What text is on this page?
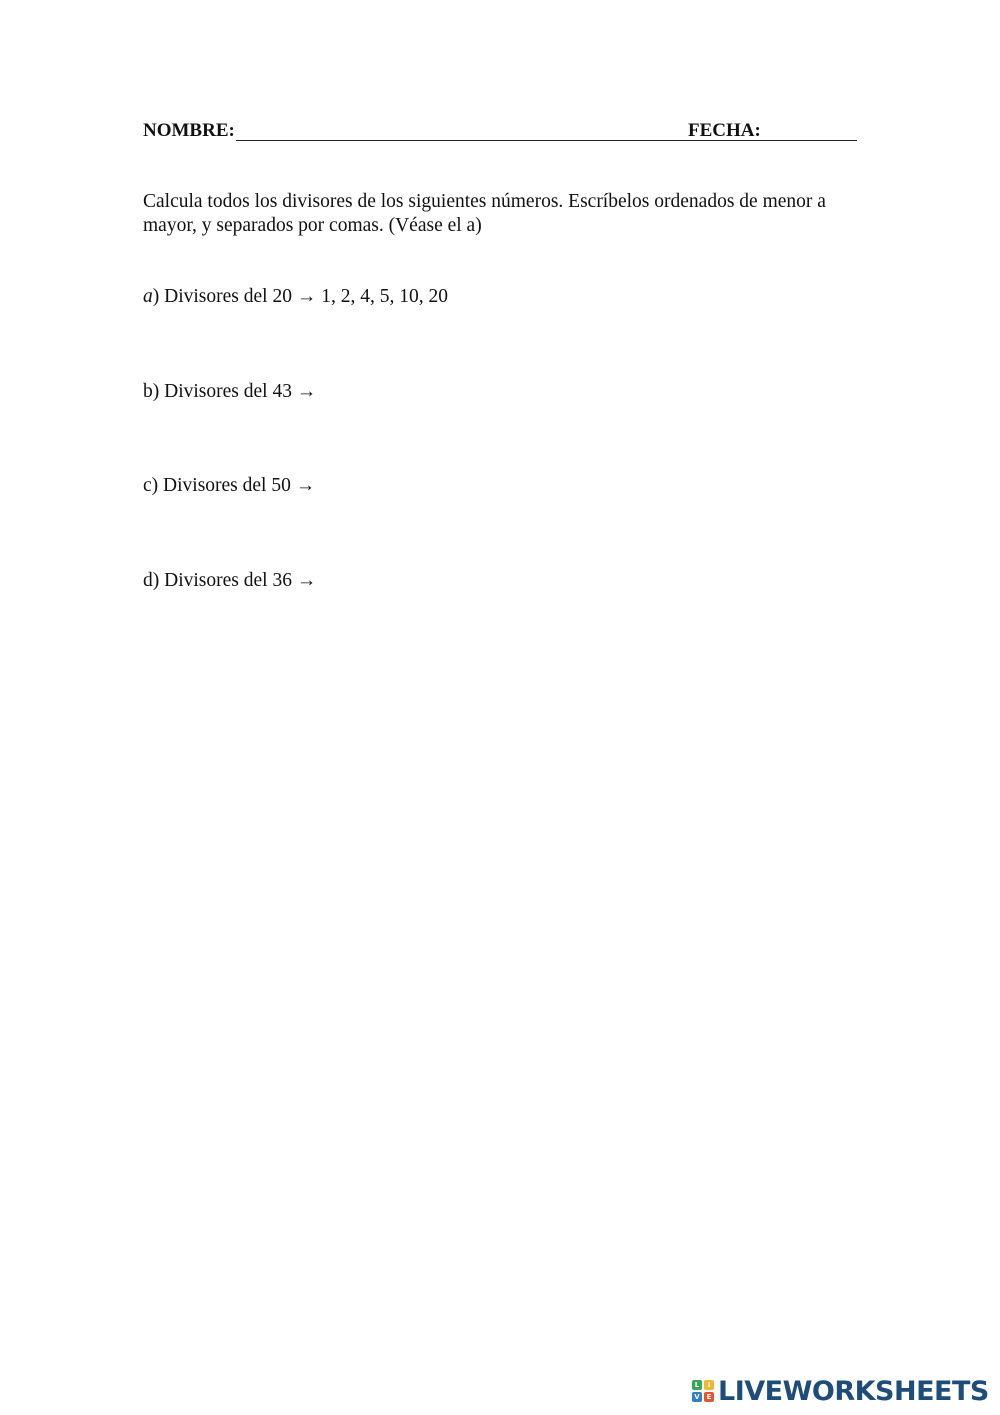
NOMBRE:	FECHA:
Calcula todos los divisores de los siguientes números. Escríbelos ordenados de menor a mayor, y separados por comas. (Véase el a)
a) Divisores del 20 → 1, 2, 4, 5, 10, 20
b) Divisores del 43 →
c) Divisores del 50 →
d) Divisores del 36 →
L	I
V E LIVEWORKSHEETS
